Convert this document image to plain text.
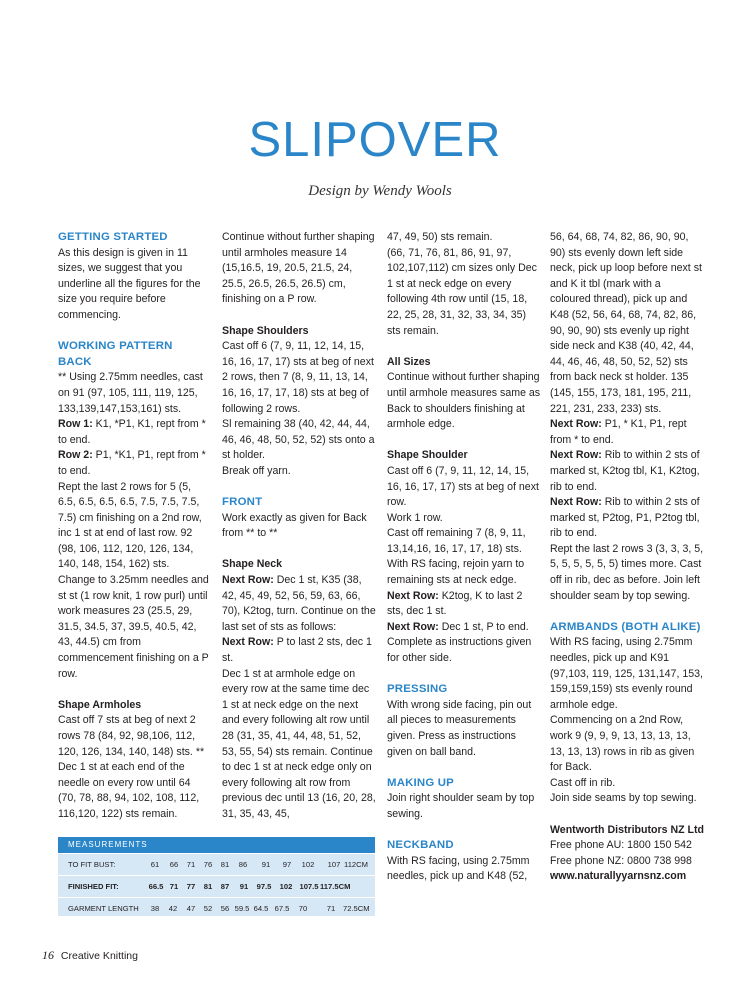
SLIPOVER
Design by Wendy Wools
GETTING STARTED

As this design is given in 11 sizes, we suggest that you underline all the figures for the size you require before commencing.

WORKING PATTERN
BACK

** Using 2.75mm needles, cast on 91 (97, 105, 111, 119, 125, 133,139,147,153,161) sts.

Row 1: K1, *P1, K1, rept from * to end.

Row 2: P1, *K1, P1, rept from * to end.

Rept the last 2 rows for 5 (5, 6.5, 6.5, 6.5, 6.5, 7.5, 7.5, 7.5, 7.5) cm finishing on a 2nd row, inc 1 st at end of last row. 92 (98, 106, 112, 120, 126, 134, 140, 148, 154, 162) sts.

Change to 3.25mm needles and st st (1 row knit, 1 row purl) until work measures 23 (25.5, 29, 31.5, 34.5, 37, 39.5, 40.5, 42, 43, 44.5) cm from commencement finishing on a P row.

Shape Armholes

Cast off 7 sts at beg of next 2 rows 78 (84, 92, 98,106, 112, 120, 126, 134, 140, 148) sts. ** Dec 1 st at each end of the needle on every row until 64 (70, 78, 88, 94, 102, 108, 112, 116,120, 122) sts remain.

Continue without further shaping until armholes measure 14 (15,16.5, 19, 20.5, 21.5, 24, 25.5, 26.5, 26.5, 26.5) cm, finishing on a P row.

Shape Shoulders

Cast off 6 (7, 9, 11, 12, 14, 15, 16, 16, 17, 17) sts at beg of next 2 rows, then 7 (8, 9, 11, 13, 14, 16, 16, 17, 17, 18) sts at beg of following 2 rows.

Sl remaining 38 (40, 42, 44, 44, 46, 46, 48, 50, 52, 52) sts onto a st holder.

Break off yarn.

FRONT

Work exactly as given for Back from ** to **

Shape Neck

Next Row: Dec 1 st, K35 (38, 42, 45, 49, 52, 56, 59, 63, 66, 70), K2tog, turn. Continue on the last set of sts as follows:

Next Row: P to last 2 sts, dec 1 st.

Dec 1 st at armhole edge on every row at the same time dec 1 st at neck edge on the next and every following alt row until 28 (31, 35, 41, 44, 48, 51, 52, 53, 55, 54) sts remain. Continue to dec 1 st at neck edge only on every following alt row from previous dec until 13 (16, 20, 28, 31, 35, 43, 45,

47, 49, 50) sts remain.

(66, 71, 76, 81, 86, 91, 97, 102,107,112) cm sizes only Dec 1 st at neck edge on every following 4th row until (15, 18, 22, 25, 28, 31, 32, 33, 34, 35) sts remain.

All Sizes

Continue without further shaping until armhole measures same as Back to shoulders finishing at armhole edge.

Shape Shoulder

Cast off 6 (7, 9, 11, 12, 14, 15, 16, 16, 17, 17) sts at beg of next row.

Work 1 row.

Cast off remaining 7 (8, 9, 11, 13,14,16, 16, 17, 17, 18) sts. With RS facing, rejoin yarn to remaining sts at neck edge.

Next Row: K2tog, K to last 2 sts, dec 1 st.

Next Row: Dec 1 st, P to end.

Complete as instructions given for other side.

PRESSING

With wrong side facing, pin out all pieces to measurements given. Press as instructions given on ball band.

MAKING UP

Join right shoulder seam by top sewing.

NECKBAND

With RS facing, using 2.75mm needles, pick up and K48 (52,

56, 64, 68, 74, 82, 86, 90, 90, 90) sts evenly down left side neck, pick up loop before next st and K it tbl (mark with a coloured thread), pick up and K48 (52, 56, 64, 68, 74, 82, 86, 90, 90, 90) sts evenly up right side neck and K38 (40, 42, 44, 44, 46, 46, 48, 50, 52, 52) sts from back neck st holder. 135 (145, 155, 173, 181, 195, 211, 221, 231, 233, 233) sts.

Next Row: P1, * K1, P1, rept from * to end.

Next Row: Rib to within 2 sts of marked st, K2tog tbl, K1, K2tog, rib to end.

Next Row: Rib to within 2 sts of marked st, P2tog, P1, P2tog tbl, rib to end.

Rept the last 2 rows 3 (3, 3, 3, 5, 5, 5, 5, 5, 5, 5) times more. Cast off in rib, dec as before. Join left shoulder seam by top sewing.

ARMBANDS (BOTH ALIKE)

With RS facing, using 2.75mm needles, pick up and K91 (97,103, 119, 125, 131,147, 153, 159,159,159) sts evenly round armhole edge.

Commencing on a 2nd Row, work 9 (9, 9, 9, 13, 13, 13, 13, 13, 13, 13) rows in rib as given for Back.

Cast off in rib.

Join side seams by top sewing.

Wentworth Distributors NZ Ltd
Free phone AU: 1800 150 542
Free phone NZ: 0800 738 998
www.naturallyyarnsnz.com
MEASUREMENTS
TO FIT BUST:	61	66	71	76	81	86	91	97	102	107 112CM
FINISHED FIT:	66.5 71	77	81	87	91	97.5	102 107.5 117.5CM
GARMENT LENGTH	38	42	47	52	56 59.5 64.5 67.5	70	71	72.5CM
16 Creative Knitting
